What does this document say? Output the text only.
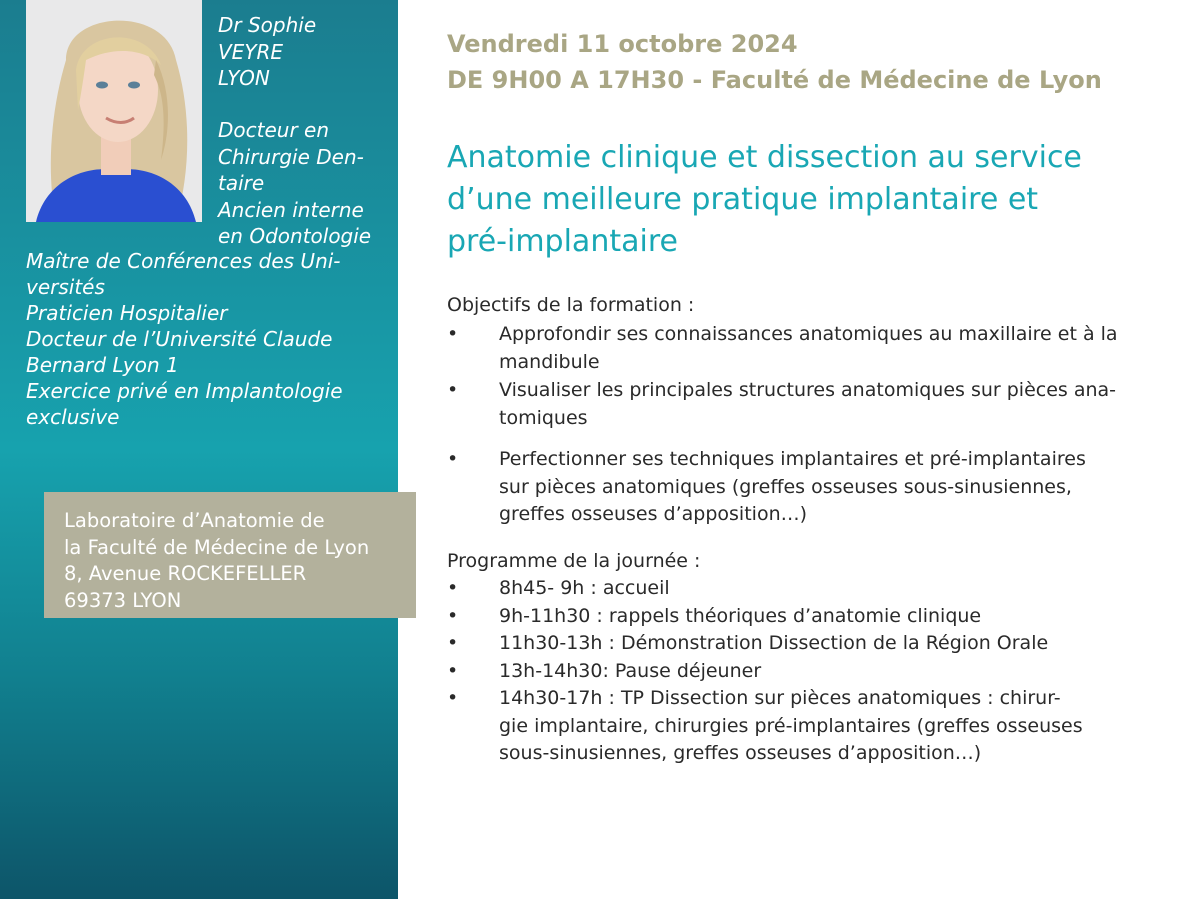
Dr Sophie
VEYRE
LYON
Docteur en
Chirurgie Den-
taire
Ancien interne
en Odontologie
Maître de Conférences des Uni-
versités
Praticien Hospitalier
Docteur de l’Université Claude
Bernard Lyon 1
Exercice privé en Implantologie
exclusive
Laboratoire d’Anatomie de
la Faculté de Médecine de Lyon
8, Avenue ROCKEFELLER
69373 LYON
Vendredi 11 octobre 2024
DE 9H00 A 17H30 - Faculté de Médecine de Lyon
Anatomie clinique et dissection au service
d’une meilleure pratique implantaire et
pré-implantaire
Objectifs de la formation :
• Approfondir ses connaissances anatomiques au maxillaire et à la
mandibule
• Visualiser les principales structures anatomiques sur pièces ana-
tomiques
• Perfectionner ses techniques implantaires et pré-implantaires
sur pièces anatomiques (greffes osseuses sous-sinusiennes,
greffes osseuses d’apposition…)
Programme de la journée :
• 8h45- 9h : accueil
• 9h-11h30 : rappels théoriques d’anatomie clinique
• 11h30-13h : Démonstration Dissection de la Région Orale
• 13h-14h30: Pause déjeuner
• 14h30-17h : TP Dissection sur pièces anatomiques : chirur-
gie implantaire, chirurgies pré-implantaires (greffes osseuses
sous-sinusiennes, greffes osseuses d’apposition…)
